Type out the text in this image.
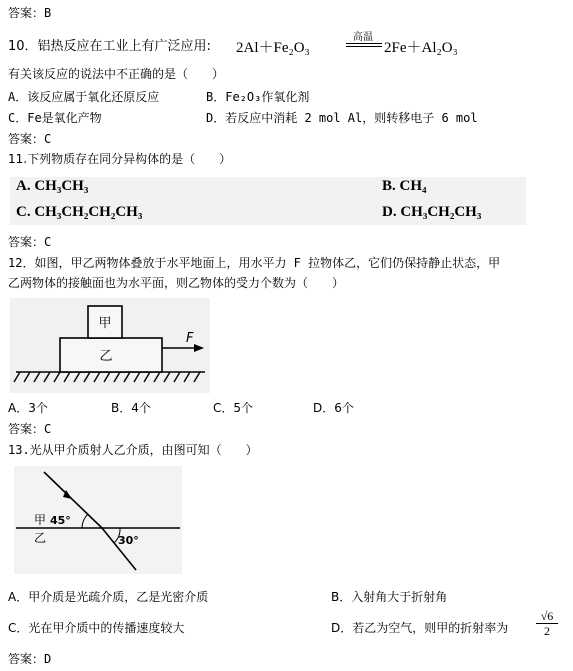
答案：B
10．铝热反应在工业上有广泛应用: 2Al＋Fe₂O₃
高温
2Fe＋Al₂O₃
有关该反应的说法中不正确的是（　　）
A．该反应属于氧化还原反应	B．Fe₂O₃作氧化剂
C．Fe是氧化产物	D．若反应中消耗 2 mol Al，则转移电子 6 mol
答案：C
11.下列物质存在同分异构体的是（　　）
A. CH₃CH₃	B. CH₄
C. CH₃CH₂CH₂CH₃	D. CH₃CH₂CH₃
答案：C
12．如图，甲乙两物体叠放于水平地面上，用水平力 F 拉物体乙，它们仍保持静止状态，甲
乙两物体的接触面也为水平面，则乙物体的受力个数为（　　）
甲
乙
F
A．3个	B．4个	C．5个	D．6个
答案：C
13.光从甲介质射人乙介质，由图可知（　　）
甲 45°
乙	30°
A．甲介质是光疏介质，乙是光密介质	B．入射角大于折射角
C．光在甲介质中的传播速度较大	D．若乙为空气，则甲的折射率为 $\frac{√6}{2}$
答案：D
